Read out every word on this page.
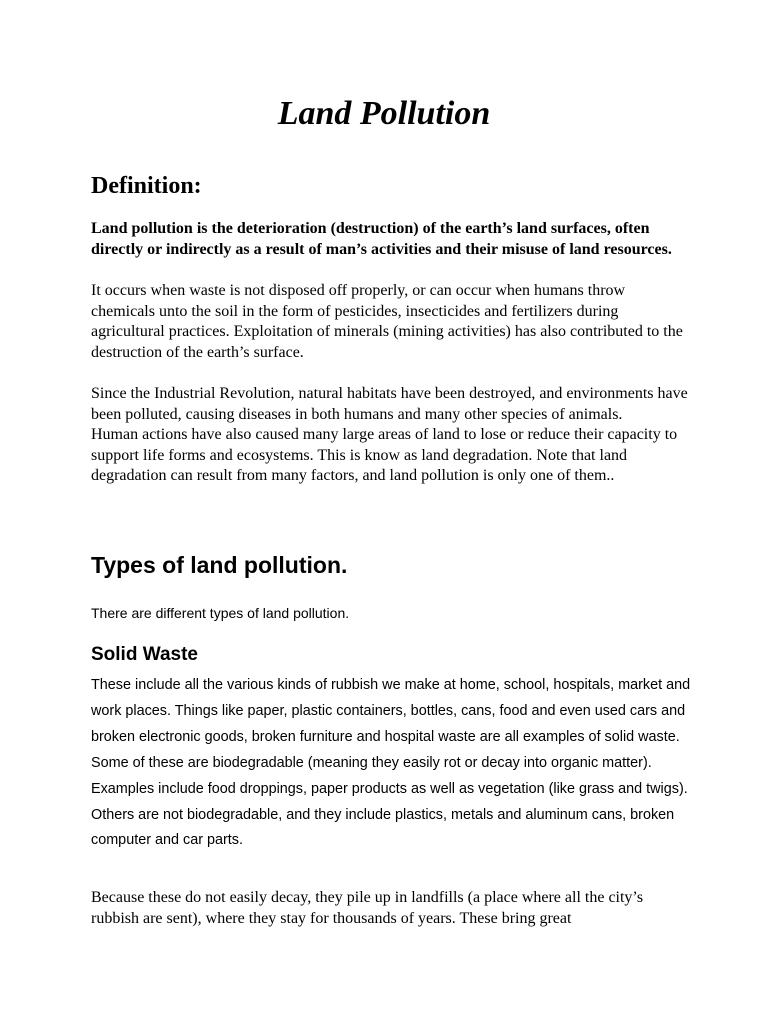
Land Pollution
Definition:

Land pollution is the deterioration (destruction) of the earth’s land surfaces, often directly or indirectly as a result of man’s activities and their misuse of land resources.

It occurs when waste is not disposed off properly, or can occur when humans throw chemicals unto the soil in the form of pesticides, insecticides and fertilizers during agricultural practices. Exploitation of minerals (mining activities) has also contributed to the destruction of the earth’s surface.

Since the Industrial Revolution, natural habitats have been destroyed, and environments have been polluted, causing diseases in both humans and many other species of animals.

Human actions have also caused many large areas of land to lose or reduce their capacity to support life forms and ecosystems. This is know as land degradation. Note that land degradation can result from many factors, and land pollution is only one of them..

Types of land pollution.

There are different types of land pollution.

Solid Waste

These include all the various kinds of rubbish we make at home, school, hospitals, market and work places. Things like paper, plastic containers, bottles, cans, food and even used cars and broken electronic goods, broken furniture and hospital waste are all examples of solid waste. Some of these are biodegradable (meaning they easily rot or decay into organic matter). Examples include food droppings, paper products as well as vegetation (like grass and twigs). Others are not biodegradable, and they include plastics, metals and aluminum cans, broken computer and car parts.

Because these do not easily decay, they pile up in landfills (a place where all the city’s rubbish are sent), where they stay for thousands of years. These bring great
